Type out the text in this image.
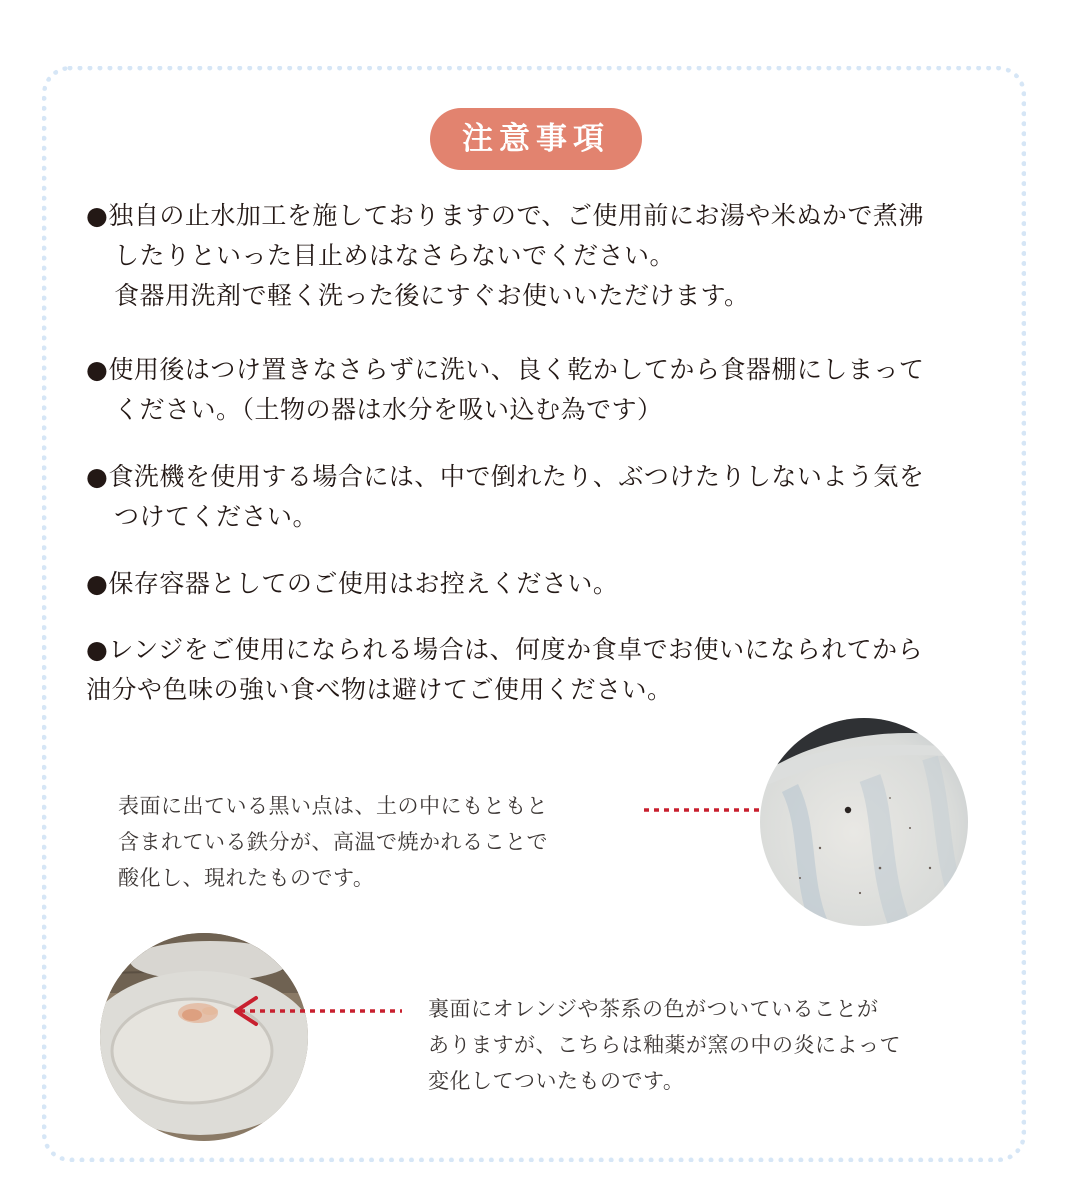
注意事項
●独自の止水加工を施しておりますので、ご使用前にお湯や米ぬかで煮沸
したりといった目止めはなさらないでください。
食器用洗剤で軽く洗った後にすぐお使いいただけます。
●使用後はつけ置きなさらずに洗い、良く乾かしてから食器棚にしまって
ください。（土物の器は水分を吸い込む為です）
●食洗機を使用する場合には、中で倒れたり、ぶつけたりしないよう気を
つけてください。
●保存容器としてのご使用はお控えください。
●レンジをご使用になられる場合は、何度か食卓でお使いになられてから
油分や色味の強い食べ物は避けてご使用ください。
表面に出ている黒い点は、土の中にもともと
含まれている鉄分が、高温で焼かれることで
酸化し、現れたものです。
裏面にオレンジや茶系の色がついていることが
ありますが、こちらは釉薬が窯の中の炎によって
変化してついたものです。
